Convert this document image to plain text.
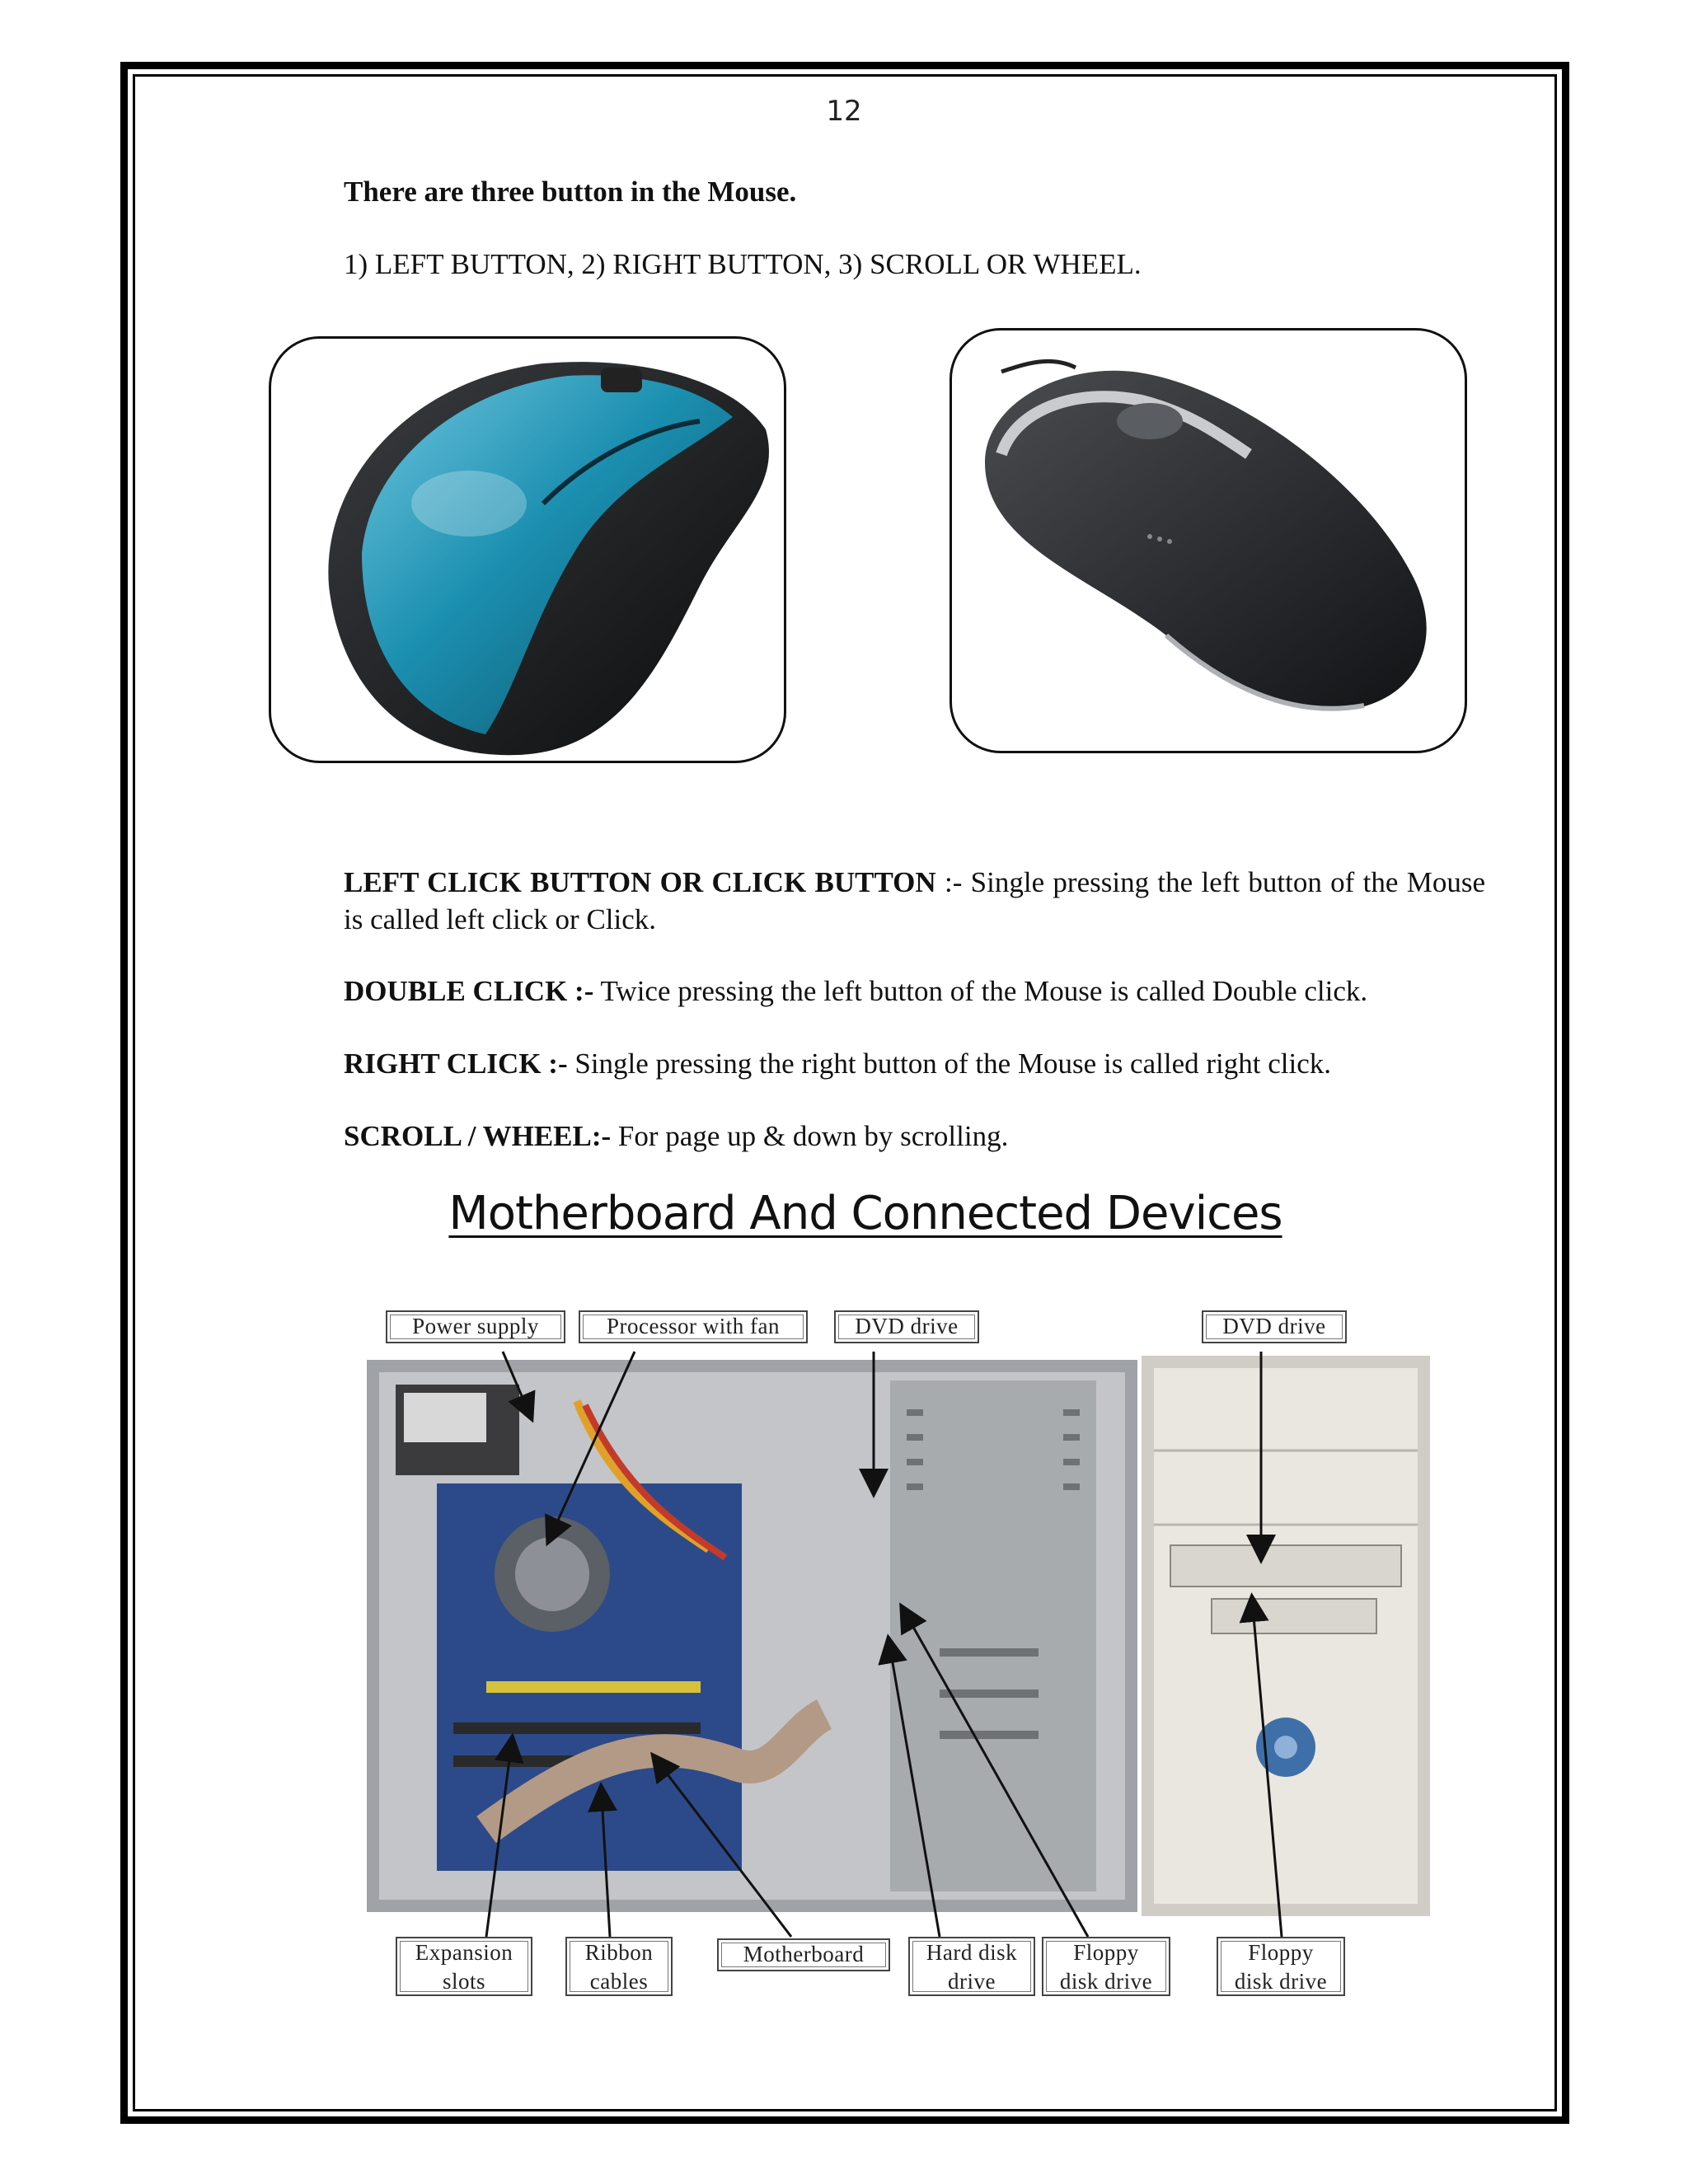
12

There are three button in the Mouse.

1) LEFT BUTTON, 2) RIGHT BUTTON, 3) SCROLL OR WHEEL.

LEFT CLICK BUTTON OR CLICK BUTTON :- Single pressing the left button of the Mouse is called left click or Click.

DOUBLE CLICK :- Twice pressing the left button of the Mouse is called Double click.

RIGHT CLICK :- Single pressing the right button of the Mouse is called right click.

SCROLL / WHEEL:- For page up & down by scrolling.

Motherboard And Connected Devices
Power supply	Processor with fan	DVD drive	DVD drive
Expansion
slots
Ribbon
cables
Motherboard	Hard disk
drive
Floppy
disk drive
Floppy
disk drive
